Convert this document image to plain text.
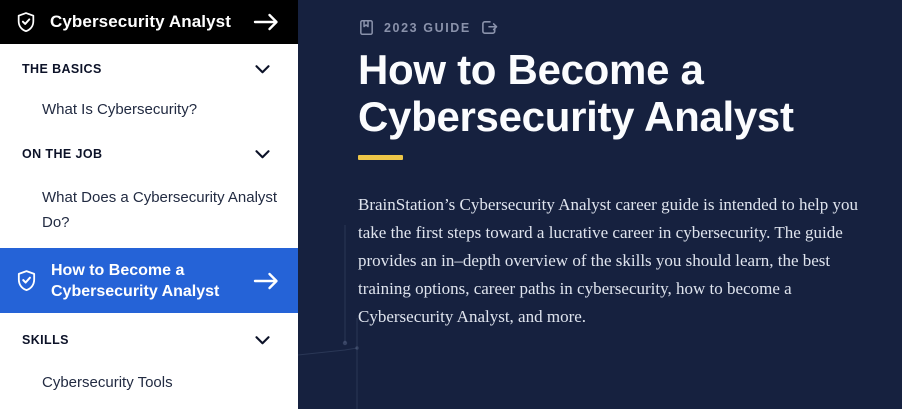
Cybersecurity Analyst
THE BASICS
What Is Cybersecurity?
ON THE JOB
What Does a Cybersecurity Analyst Do?
How to Become a Cybersecurity Analyst
SKILLS
Cybersecurity Tools
2023 GUIDE
How to Become a Cybersecurity Analyst

BrainStation’s Cybersecurity Analyst career guide is intended to help you take the first steps toward a lucrative career in cybersecurity. The guide provides an in–depth overview of the skills you should learn, the best training options, career paths in cybersecurity, how to become a Cybersecurity Analyst, and more.
